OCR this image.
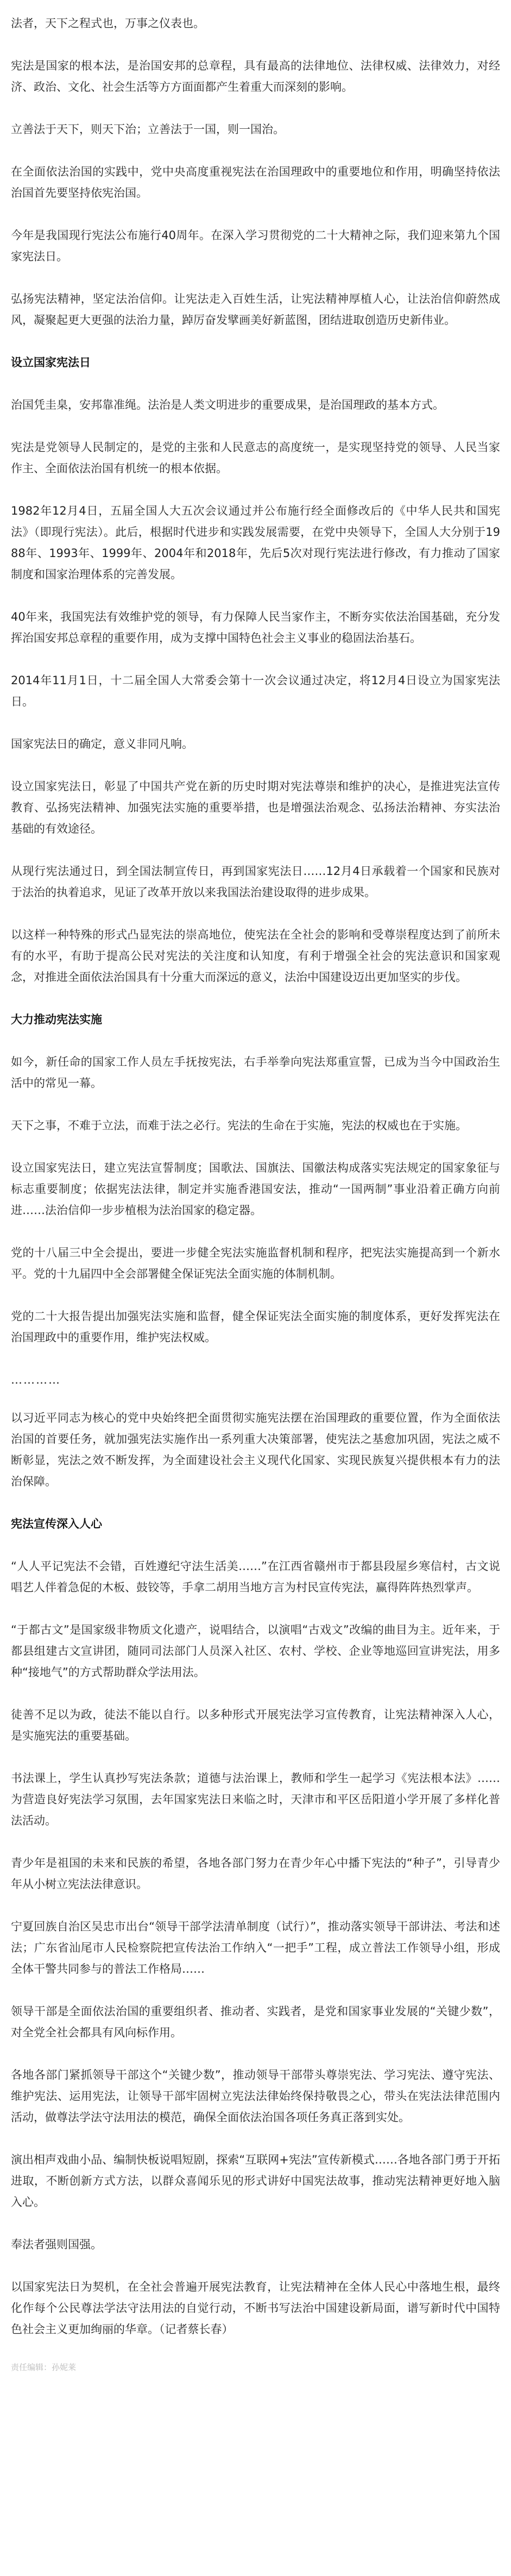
法者，天下之程式也，万事之仪表也。

宪法是国家的根本法，是治国安邦的总章程，具有最高的法律地位、法律权威、法律效力，对经济、政治、文化、社会生活等方方面面都产生着重大而深刻的影响。

立善法于天下，则天下治；立善法于一国，则一国治。

在全面依法治国的实践中，党中央高度重视宪法在治国理政中的重要地位和作用，明确坚持依法治国首先要坚持依宪治国。

今年是我国现行宪法公布施行40周年。在深入学习贯彻党的二十大精神之际，我们迎来第九个国家宪法日。

弘扬宪法精神，坚定法治信仰。让宪法走入百姓生活，让宪法精神厚植人心，让法治信仰蔚然成风，凝聚起更大更强的法治力量，踔厉奋发擘画美好新蓝图，团结进取创造历史新伟业。

设立国家宪法日

治国凭圭臬，安邦靠准绳。法治是人类文明进步的重要成果，是治国理政的基本方式。

宪法是党领导人民制定的，是党的主张和人民意志的高度统一，是实现坚持党的领导、人民当家作主、全面依法治国有机统一的根本依据。

1982年12月4日，五届全国人大五次会议通过并公布施行经全面修改后的《中华人民共和国宪法》（即现行宪法）。此后，根据时代进步和实践发展需要，在党中央领导下，全国人大分别于1988年、1993年、1999年、2004年和2018年，先后5次对现行宪法进行修改，有力推动了国家制度和国家治理体系的完善发展。

40年来，我国宪法有效维护党的领导，有力保障人民当家作主，不断夯实依法治国基础，充分发挥治国安邦总章程的重要作用，成为支撑中国特色社会主义事业的稳固法治基石。

2014年11月1日，十二届全国人大常委会第十一次会议通过决定，将12月4日设立为国家宪法日。

国家宪法日的确定，意义非同凡响。

设立国家宪法日，彰显了中国共产党在新的历史时期对宪法尊崇和维护的决心，是推进宪法宣传教育、弘扬宪法精神、加强宪法实施的重要举措，也是增强法治观念、弘扬法治精神、夯实法治基础的有效途径。

从现行宪法通过日，到全国法制宣传日，再到国家宪法日……12月4日承载着一个国家和民族对于法治的执着追求，见证了改革开放以来我国法治建设取得的进步成果。

以这样一种特殊的形式凸显宪法的崇高地位，使宪法在全社会的影响和受尊崇程度达到了前所未有的水平，有助于提高公民对宪法的关注度和认知度，有利于增强全社会的宪法意识和国家观念，对推进全面依法治国具有十分重大而深远的意义，法治中国建设迈出更加坚实的步伐。

大力推动宪法实施

如今，新任命的国家工作人员左手抚按宪法，右手举拳向宪法郑重宣誓，已成为当今中国政治生活中的常见一幕。

天下之事，不难于立法，而难于法之必行。宪法的生命在于实施，宪法的权威也在于实施。

设立国家宪法日，建立宪法宣誓制度；国歌法、国旗法、国徽法构成落实宪法规定的国家象征与标志重要制度；依据宪法法律，制定并实施香港国安法，推动“一国两制”事业沿着正确方向前进……法治信仰一步步植根为法治国家的稳定器。

党的十八届三中全会提出，要进一步健全宪法实施监督机制和程序，把宪法实施提高到一个新水平。党的十九届四中全会部署健全保证宪法全面实施的体制机制。

党的二十大报告提出加强宪法实施和监督，健全保证宪法全面实施的制度体系，更好发挥宪法在治国理政中的重要作用，维护宪法权威。

…………

以习近平同志为核心的党中央始终把全面贯彻实施宪法摆在治国理政的重要位置，作为全面依法治国的首要任务，就加强宪法实施作出一系列重大决策部署，使宪法之基愈加巩固，宪法之威不断彰显，宪法之效不断发挥，为全面建设社会主义现代化国家、实现民族复兴提供根本有力的法治保障。

宪法宣传深入人心

“人人平记宪法不会错，百姓遵纪守法生活美……”在江西省赣州市于都县段屋乡寒信村，古文说唱艺人伴着急促的木板、鼓铰等，手拿二胡用当地方言为村民宣传宪法，赢得阵阵热烈掌声。

“于都古文”是国家级非物质文化遗产，说唱结合，以演唱“古戏文”改编的曲目为主。近年来，于都县组建古文宣讲团，随同司法部门人员深入社区、农村、学校、企业等地巡回宣讲宪法，用多种“接地气”的方式帮助群众学法用法。

徒善不足以为政，徒法不能以自行。以多种形式开展宪法学习宣传教育，让宪法精神深入人心，是实施宪法的重要基础。

书法课上，学生认真抄写宪法条款；道德与法治课上，教师和学生一起学习《宪法根本法》……为营造良好宪法学习氛围，去年国家宪法日来临之时，天津市和平区岳阳道小学开展了多样化普法活动。

青少年是祖国的未来和民族的希望，各地各部门努力在青少年心中播下宪法的“种子”，引导青少年从小树立宪法法律意识。

宁夏回族自治区吴忠市出台“领导干部学法清单制度（试行）”，推动落实领导干部讲法、考法和述法；广东省汕尾市人民检察院把宣传法治工作纳入“一把手”工程，成立普法工作领导小组，形成全体干警共同参与的普法工作格局……

领导干部是全面依法治国的重要组织者、推动者、实践者，是党和国家事业发展的“关键少数”，对全党全社会都具有风向标作用。

各地各部门紧抓领导干部这个“关键少数”，推动领导干部带头尊崇宪法、学习宪法、遵守宪法、维护宪法、运用宪法，让领导干部牢固树立宪法法律始终保持敬畏之心，带头在宪法法律范围内活动，做尊法学法守法用法的模范，确保全面依法治国各项任务真正落到实处。

演出相声戏曲小品、编制快板说唱短剧，探索“互联网+宪法”宣传新模式……各地各部门勇于开拓进取，不断创新方式方法，以群众喜闻乐见的形式讲好中国宪法故事，推动宪法精神更好地入脑入心。

奉法者强则国强。

以国家宪法日为契机，在全社会普遍开展宪法教育，让宪法精神在全体人民心中落地生根，最终化作每个公民尊法学法守法用法的自觉行动，不断书写法治中国建设新局面，谱写新时代中国特色社会主义更加绚丽的华章。（记者蔡长春）

责任编辑：孙妮莱
